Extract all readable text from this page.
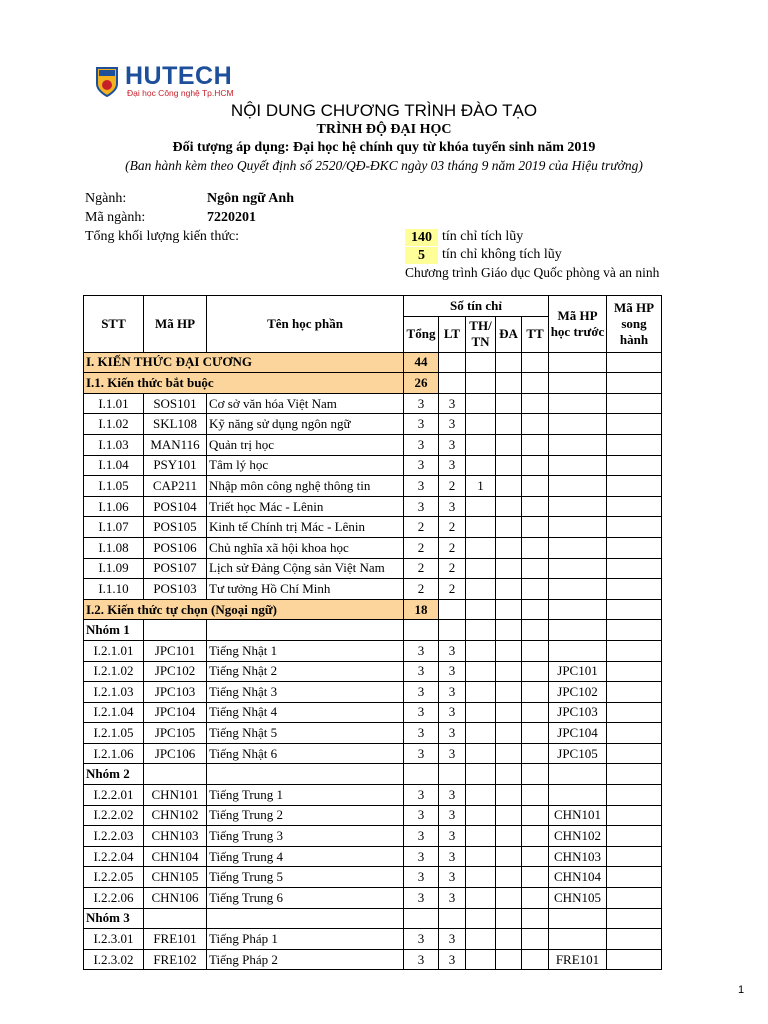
HUTECH
Đại học Công nghệ Tp.HCM
NỘI DUNG CHƯƠNG TRÌNH ĐÀO TẠO
TRÌNH ĐỘ ĐẠI HỌC
Đối tượng áp dụng: Đại học hệ chính quy từ khóa tuyển sinh năm 2019
(Ban hành kèm theo Quyết định số 2520/QĐ-ĐKC ngày 03 tháng 9 năm 2019 của Hiệu trưởng)
Ngành:	Ngôn ngữ Anh
Mã ngành:	7220201
Tổng khối lượng kiến thức:	140 tín chỉ tích lũy
5	tín chỉ không tích lũy
Chương trình Giáo dục Quốc phòng và an ninh
STT	Mã HP	Tên học phần	Số tín chỉ					Mã HP học trước	Mã HP song hành
			Tổng	LT	TH/ TN	ĐA	TT		

I. KIẾN THỨC ĐẠI CƯƠNG			44						
I.1. Kiến thức bắt buộc			26						
I.1.01	SOS101	Cơ sở văn hóa Việt Nam	3	3					
I.1.02	SKL108	Kỹ năng sử dụng ngôn ngữ	3	3					
I.1.03	MAN116	Quản trị học	3	3					
I.1.04	PSY101	Tâm lý học	3	3					
I.1.05	CAP211	Nhập môn công nghệ thông tin	3	2	1				
I.1.06	POS104	Triết học Mác - Lênin	3	3					
I.1.07	POS105	Kinh tế Chính trị Mác - Lênin	2	2					
I.1.08	POS106	Chủ nghĩa xã hội khoa học	2	2					
I.1.09	POS107	Lịch sử Đảng Cộng sản Việt Nam	2	2					
I.1.10	POS103	Tư tưởng Hồ Chí Minh	2	2					
I.2. Kiến thức tự chọn (Ngoại ngữ)			18						
Nhóm 1									
I.2.1.01	JPC101	Tiếng Nhật 1	3	3					
I.2.1.02	JPC102	Tiếng Nhật 2	3	3				JPC101	
I.2.1.03	JPC103	Tiếng Nhật 3	3	3				JPC102	
I.2.1.04	JPC104	Tiếng Nhật 4	3	3				JPC103	
I.2.1.05	JPC105	Tiếng Nhật 5	3	3				JPC104	
I.2.1.06	JPC106	Tiếng Nhật 6	3	3				JPC105	
Nhóm 2									
I.2.2.01	CHN101	Tiếng Trung 1	3	3					
I.2.2.02	CHN102	Tiếng Trung 2	3	3				CHN101	
I.2.2.03	CHN103	Tiếng Trung 3	3	3				CHN102	
I.2.2.04	CHN104	Tiếng Trung 4	3	3				CHN103	
I.2.2.05	CHN105	Tiếng Trung 5	3	3				CHN104	
I.2.2.06	CHN106	Tiếng Trung 6	3	3				CHN105	
Nhóm 3									
I.2.3.01	FRE101	Tiếng Pháp 1	3	3					
I.2.3.02	FRE102	Tiếng Pháp 2	3	3				FRE101	
1
